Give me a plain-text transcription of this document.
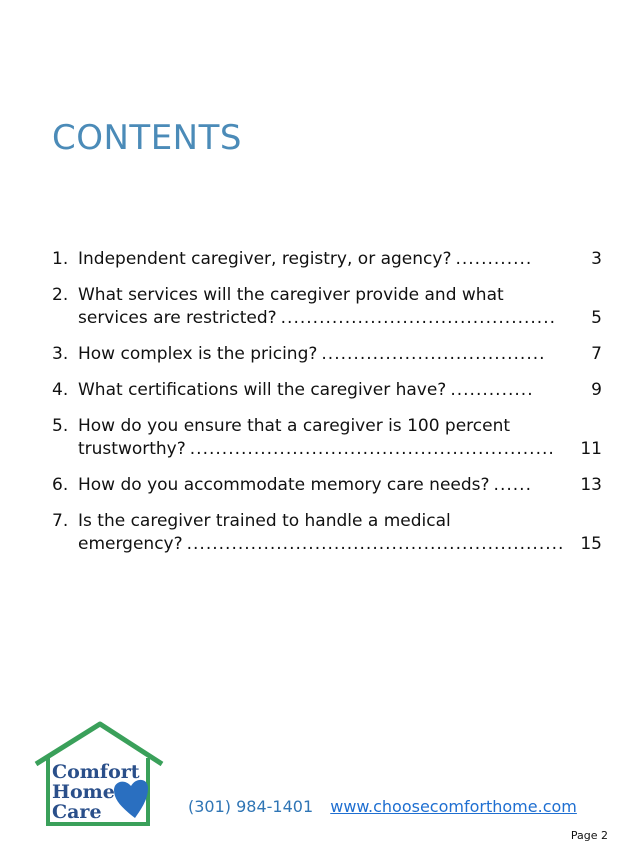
CONTENTS
1. Independent caregiver, registry, or agency? ............	3
2. What services will the caregiver provide and what
services are restricted? ...........................................	5
3. How complex is the pricing? ...................................	7
4. What certifications will the caregiver have? .............	9
5. How do you ensure that a caregiver is 100 percent
trustworthy? .........................................................	11
6. How do you accommodate memory care needs? ......	13
7. Is the caregiver trained to handle a medical
emergency? ........................................................... 15
Comfort
Home
Care	(301) 984-1401 www.choosecomforthome.com
Page 2
